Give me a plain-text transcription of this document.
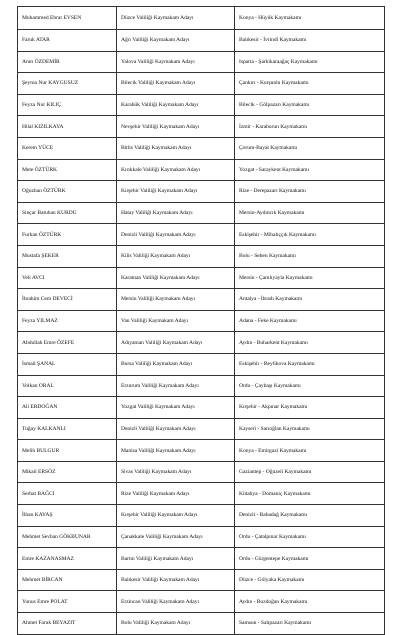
Muhammed Ebrar EVSEN	Düzce Valiliği Kaymakam Adayı	Konya - Hüyük Kaymakamı
Faruk ATAR	Ağrı Valiliği Kaymakam Adayı	Balıkesir - İvrindi Kaymakamı
Anıtı ÖZDEMİR	Yalova Valiliği Kaymakam Adayı	Isparta - Şarkikaraağaç Kaymakamı
Şeyma Nur KAYGUSUZ	Bilecik Valiliği Kaymakam Adayı	Çankırı - Kurşunlu Kaymakamı
Feyza Nur KILIÇ	Karabük Valiliği Kaymakam Adayı	Bilecik - Gölpazarı Kaymakamı
Hilal KIZILKAYA	Nevşehir Valiliği Kaymakam Adayı	İzmir - Karaburun Kaymakamı
Kerem YÜCE	Bitlis Valiliği Kaymakam Adayı	Çorum-Bayat Kaymakamı
Mete ÖZTÜRK	Kırıkkale Valiliği Kaymakam Adayı	Yozgat - Saraykent Kaymakamı
Oğuzhan ÖZTÜRK	Kırşehir Valiliği Kaymakam Adayı	Rize - Derepazarı Kaymakamı
Sinçar Batuhan KURDU	Hatay Valiliği Kaymakam Adayı	Mersin-Aydıncık Kaymakamı
Furkan ÖZTÜRK	Denizli Valiliği Kaymakam Adayı	Eskişehir - Mihalıççık Kaymakamı
Mustafa ŞEKER	Kilis Valiliği Kaymakam Adayı	Bolu - Seben Kaymakamı
Veli AVCI	Karaman Valiliği Kaymakam Adayı	Mersin - Çamlıyayla Kaymakamı
İbrahim Cem DEVECİ	Mersin Valiliği Kaymakam Adayı	Antalya - İbradı Kaymakamı
Feyza YILMAZ	Van Valiliği Kaymakam Adayı	Adana - Feke Kaymakamı
Abdullah Emre ÖZEFE	Adıyaman Valiliği Kaymakam Adayı	Aydın - Buharkent Kaymakamı
İsmail ŞANAL	Bursa Valiliği Kaymakam Adayı	Eskişehir - Beylikova Kaymakamı
Volkan ORAL	Erzurum Valiliği Kaymakam Adayı	Ordu - Çaybaşı Kaymakamı
Ali ERDOĞAN	Yozgat Valiliği Kaymakam Adayı	Kırşehir - Akpınar Kaymakamı
Tuğay KALKANLI	Denizli Valiliği Kaymakam Adayı	Kayseri - Sarıoğlan Kaymakamı
Melih BULGUR	Manisa Valiliği Kaymakam Adayı	Konya - Emirgazi Kaymakamı
Mikail ERSÖZ	Sivas Valiliği Kaymakam Adayı	Gaziantep - Oğuzeli Kaymakamı
Serhat BAĞCI	Rize Valiliği Kaymakam Adayı	Kütahya - Domaniç Kaymakamı
İlhan KAYAŞ	Kırşehir Valiliği Kaymakam Adayı	Denizli - Babadağ Kaymakamı
Mehmet Sevban GÖKBUNAR	Çanakkale Valiliği Kaymakam Adayı	Ordu - Çatalpınar Kaymakamı
Emre KAZANASMAZ	Bartın Valiliği Kaymakam Adayı	Ordu - Gürgentepe Kaymakamı
Mehmet BİRCAN	Balıkesir Valiliği Kaymakam Adayı	Düzce - Gölyaka Kaymakamı
Yunus Emre POLAT	Erzincan Valiliği Kaymakam Adayı	Aydın - Bozdoğan Kaymakamı
Ahmet Faruk BEYAZIT	Bolu Valiliği Kaymakam Adayı	Samsun - Salıpazarı Kaymakamı
